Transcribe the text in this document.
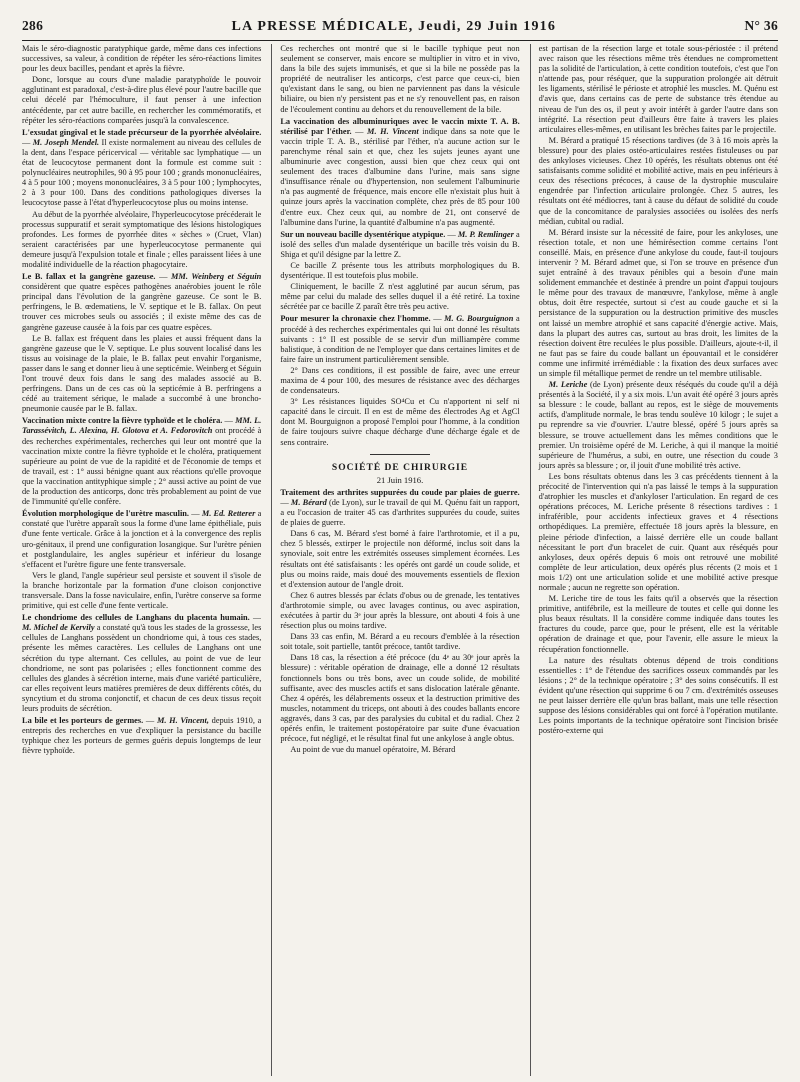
286	LA PRESSE MÉDICALE, Jeudi, 29 Juin 1916	N° 36

Mais le séro-diagnostic paratyphique garde, même dans ces infections successives, sa valeur, à condition de répéter les séro-réactions limites pour les deux bacilles, pendant et après la fièvre.

Donc, lorsque au cours d'une maladie paratyphoïde le pouvoir agglutinant est paradoxal, c'est-à-dire plus élevé pour l'autre bacille que celui décelé par l'hémoculture, il faut penser à une infection antécédente, par cet autre bacille, en rechercher les commémoratifs, et répéter les séro-réactions comparées jusqu'à la convalescence.

L'exsudat gingival et le stade précurseur de la pyorrhée alvéolaire. — M. Joseph Mendel. Il existe normalement au niveau des cellules de la dent, dans l'espace péricervical — véritable sac lymphatique — un état de leucocytose permanent dont la formule est comme suit : polynucléaires neutrophiles, 90 à 95 pour 100 ; grands mononucléaires, 4 à 5 pour 100 ; moyens mononucléaires, 3 à 5 pour 100 ; lymphocytes, 2 à 3 pour 100. Dans des conditions pathologiques diverses la leucocytose passe à l'état d'hyperleucocytose plus ou moins intense.

Au début de la pyorrhée alvéolaire, l'hyperleucocytose précéderait le processus suppuratif et serait symptomatique des lésions histologiques profondes. Les formes de pyorrhée dites « sèches » (Cruet, Vlan) seraient caractérisées par une hyperleucocytose permanente qui demeure jusqu'à l'expulsion totale et finale ; elles paraissent liées à une modalité individuelle de la réaction phagocytaire.

Le B. fallax et la gangrène gazeuse. — MM. Weinberg et Séguin considèrent que quatre espèces pathogènes anaérobies jouent le rôle principal dans l'évolution de la gangrène gazeuse. Ce sont le B. perfringens, le B. œdematiens, le V. septique et le B. fallax. On peut trouver ces microbes seuls ou associés ; il existe même des cas de gangrène gazeuse causée à la fois par ces quatre espèces.

Le B. fallax est fréquent dans les plaies et aussi fréquent dans la gangrène gazeuse que le V. septique. Le plus souvent localisé dans les tissus au voisinage de la plaie, le B. fallax peut envahir l'organisme, passer dans le sang et donner lieu à une septicémie. Weinberg et Séguin l'ont trouvé deux fois dans le sang des malades associé au B. perfringens. Dans un de ces cas où la septicémie à B. perfringens a cédé au traitement sérique, le malade a succombé à une broncho-pneumonie causée par le B. fallax.

Vaccination mixte contre la fièvre typhoïde et le choléra. — MM. L. Tarassévitch, L. Alexina, H. Glotova et A. Fedorovitch ont procédé à des recherches expérimentales, recherches qui leur ont montré que la vaccination mixte contre la fièvre typhoïde et le choléra, pratiquement supérieure au point de vue de la rapidité et de l'économie de temps et de travail, est : 1° aussi bénigne quant aux réactions qu'elle provoque que la vaccination antityphique simple ; 2° aussi active au point de vue de la production des anticorps, donc très probablement au point de vue de l'immunité qu'elle confère.

Évolution morphologique de l'urètre masculin. — M. Ed. Retterer a constaté que l'urètre apparaît sous la forme d'une lame épithéliale, puis d'une fente verticale. Grâce à la jonction et à la convergence des replis uro-génitaux, il prend une configuration losangique. Sur l'urètre pénien et postglandulaire, les angles supérieur et inférieur du losange s'effacent et l'urètre figure une fente transversale.

Vers le gland, l'angle supérieur seul persiste et souvent il s'isole de la branche horizontale par la formation d'une cloison conjonctive transversale. Dans la fosse naviculaire, enfin, l'urètre conserve sa forme primitive, qui est celle d'une fente verticale.

Le chondriome des cellules de Langhans du placenta humain. — M. Michel de Kervily a constaté qu'à tous les stades de la grossesse, les cellules de Langhans possèdent un chondriome qui, à tous ces stades, présente les mêmes caractères. Les cellules de Langhans ont une sécrétion du type alternant. Ces cellules, au point de vue de leur chondriome, ne sont pas polarisées ; elles fonctionnent comme des cellules des glandes à sécrétion interne, mais d'une variété particulière, car elles reçoivent leurs matières premières de deux différents côtés, du syncytium et du stroma conjonctif, et chacun de ces deux tissus reçoit leurs produits de sécrétion.

La bile et les porteurs de germes. — M. H. Vincent, depuis 1910, a entrepris des recherches en vue d'expliquer la persistance du bacille typhique chez les porteurs de germes guéris depuis longtemps de leur fièvre typhoïde.

Ces recherches ont montré que si le bacille typhique peut non seulement se conserver, mais encore se multiplier in vitro et in vivo, dans la bile des sujets immunisés, et que si la bile ne possède pas la propriété de neutraliser les anticorps, c'est parce que ceux-ci, bien qu'existant dans le sang, ou bien ne parviennent pas dans la vésicule biliaire, ou bien n'y persistent pas et ne s'y renouvellent pas, en raison de l'écoulement continu au dehors et du renouvellement de la bile.

La vaccination des albuminuriques avec le vaccin mixte T. A. B. stérilisé par l'éther. — M. H. Vincent indique dans sa note que le vaccin triple T. A. B., stérilisé par l'éther, n'a aucune action sur le parenchyme rénal sain et que, chez les sujets jeunes ayant une albuminurie avec congestion, aussi bien que chez ceux qui ont seulement des traces d'albumine dans l'urine, mais sans signe d'insuffisance rénale ou d'hypertension, non seulement l'albuminurie n'a pas augmenté de fréquence, mais encore elle n'existait plus huit à quinze jours après la vaccination complète, chez près de 85 pour 100 d'entre eux. Chez ceux qui, au nombre de 21, ont conservé de l'albumine dans l'urine, la quantité d'albumine n'a pas augmenté.

Sur un nouveau bacille dysentérique atypique. — M. P. Remlinger a isolé des selles d'un malade dysentérique un bacille très voisin du B. Shiga et qu'il désigne par la lettre Z.

Ce bacille Z présente tous les attributs morphologiques du B. dysentérique. Il est toutefois plus mobile.

Cliniquement, le bacille Z n'est agglutiné par aucun sérum, pas même par celui du malade des selles duquel il a été retiré. La toxine sécrétée par ce bacille Z paraît être très peu active.

Pour mesurer la chronaxie chez l'homme. — M. G. Bourguignon a procédé à des recherches expérimentales qui lui ont donné les résultats suivants : 1° Il est possible de se servir d'un milliampère comme balistique, à condition de ne l'employer que dans certaines limites et de faire faire un instrument particulièrement sensible.

2° Dans ces conditions, il est possible de faire, avec une erreur maxima de 4 pour 100, des mesures de résistance avec des décharges de condensateurs.

3° Les résistances liquides SO⁴Cu et Cu n'apportent ni self ni capacité dans le circuit. Il en est de même des électrodes Ag et AgCl dont M. Bourguignon a proposé l'emploi pour l'homme, à la condition de faire toujours suivre chaque décharge d'une décharge égale et de sens contraire.

SOCIÉTÉ DE CHIRURGIE
21 Juin 1916.

Traitement des arthrites suppurées du coude par plaies de guerre. — M. Bérard (de Lyon), sur le travail de qui M. Quénu fait un rapport, a eu l'occasion de traiter 45 cas d'arthrites suppurées du coude, suites de plaies de guerre.

Dans 6 cas, M. Bérard s'est borné à faire l'arthrotomie, et il a pu, chez 5 blessés, extirper le projectile non déformé, inclus soit dans la synoviale, soit entre les extrémités osseuses simplement écornées. Les résultats ont été satisfaisants : les opérés ont gardé un coude solide, et plus ou moins raide, mais doué des mouvements essentiels de flexion et d'extension autour de l'angle droit.

Chez 6 autres blessés par éclats d'obus ou de grenade, les tentatives d'arthrotomie simple, ou avec lavages continus, ou avec aspiration, exécutées à partir du 3ᵉ jour après la blessure, ont abouti 4 fois à une résection plus ou moins tardive.

Dans 33 cas enfin, M. Bérard a eu recours d'emblée à la résection soit totale, soit partielle, tantôt précoce, tantôt tardive.

Dans 18 cas, la résection a été précoce (du 4ᵉ au 30ᵉ jour après la blessure) : véritable opération de drainage, elle a donné 12 résultats fonctionnels bons ou très bons, avec un coude solide, de mobilité suffisante, avec des muscles actifs et sans dislocation latérale gênante. Chez 4 opérés, les délabrements osseux et la destruction primitive des muscles, notamment du triceps, ont abouti à des coudes ballants encore aggravés, dans 3 cas, par des paralysies du cubital et du radial. Chez 2 opérés enfin, le traitement postopératoire par suite d'une évacuation précoce, fut négligé, et le résultat final fut une ankylose à angle obtus.

Au point de vue du manuel opératoire, M. Bérard

est partisan de la résection large et totale sous-périostée : il prétend avec raison que les résections même très étendues ne compromettent pas la solidité de l'articulation, à cette condition toutefois, c'est que l'on n'attende pas, pour réséquer, que la suppuration prolongée ait détruit les ligaments, stérilisé le périoste et atrophié les muscles. M. Quénu est d'avis que, dans certains cas de perte de substance très étendue au niveau de l'un des os, il peut y avoir intérêt à garder l'autre dans son intégrité. La résection peut d'ailleurs être faite à travers les plaies articulaires elles-mêmes, en utilisant les brèches faites par le projectile.

M. Bérard a pratiqué 15 résections tardives (de 3 à 16 mois après la blessure) pour des plaies ostéo-articulaires restées fistuleuses ou par des ankyloses vicieuses. Chez 10 opérés, les résultats obtenus ont été satisfaisants comme solidité et mobilité active, mais en peu inférieurs à ceux des résections précoces, à cause de la dystrophie musculaire engendrée par l'infection articulaire prolongée. Chez 5 autres, les résultats ont été médiocres, tant à cause du défaut de solidité du coude que de la concomitance de paralysies associées ou isolées des nerfs médian, cubital ou radial.

M. Bérard insiste sur la nécessité de faire, pour les ankyloses, une résection totale, et non une hémirésection comme certains l'ont conseillé. Mais, en présence d'une ankylose du coude, faut-il toujours intervenir ? M. Bérard admet que, si l'on se trouve en présence d'un sujet entraîné à des travaux pénibles qui a besoin d'une main solidement emmanchée et destinée à prendre un point d'appui toujours le même pour des travaux de manœuvre, l'ankylose, même à angle obtus, doit être respectée, surtout si c'est au coude gauche et si la persistance de la suppuration ou la destruction primitive des muscles ont laissé un membre atrophié et sans capacité d'énergie active. Mais, dans la plupart des autres cas, surtout au bras droit, les limites de la résection doivent être reculées le plus possible. D'ailleurs, ajoute-t-il, il ne faut pas se faire du coude ballant un épouvantail et le considérer comme une infirmité irrémédiable : la fixation des deux surfaces avec un simple fil métallique permet de rendre un tel membre utilisable.

M. Leriche (de Lyon) présente deux réséqués du coude qu'il a déjà présentés à la Société, il y a six mois. L'un avait été opéré 3 jours après sa blessure : le coude, ballant au repos, est le siège de mouvements actifs, d'amplitude normale, le bras tendu soulève 10 kilogr ; le sujet a pu reprendre sa vie d'ouvrier. L'autre blessé, opéré 5 jours après sa blessure, se trouve actuellement dans les mêmes conditions que le premier. Un troisième opéré de M. Leriche, à qui il manque la moitié supérieure de l'humérus, a subi, en outre, une résection du coude 3 jours après sa blessure ; or, il jouit d'une mobilité très active.

Les bons résultats obtenus dans les 3 cas précédents tiennent à la précocité de l'intervention qui n'a pas laissé le temps à la suppuration d'atrophier les muscles et d'ankyloser l'articulation. En regard de ces opérations précoces, M. Leriche présente 8 résections tardives : 1 infraférible, pour accidents infectieux graves et 4 résections orthopédiques. La première, effectuée 18 jours après la blessure, en pleine période d'infection, a laissé derrière elle un coude ballant nécessitant le port d'un bracelet de cuir. Quant aux réséqués pour ankyloses, deux opérés depuis 6 mois ont retrouvé une mobilité complète de leur articulation, deux opérés plus récents (2 mois et 1 mois 1/2) ont une articulation solide et une mobilité active presque normale ; aucun ne regrette son opération.

M. Leriche tire de tous les faits qu'il a observés que la résection primitive, antifébrile, est la meilleure de toutes et celle qui donne les plus beaux résultats. Il la considère comme indiquée dans toutes les fractures du coude, parce que, pour le présent, elle est la véritable opération de drainage et que, pour l'avenir, elle assure le mieux la récupération fonctionnelle.

La nature des résultats obtenus dépend de trois conditions essentielles : 1° de l'étendue des sacrifices osseux commandés par les lésions ; 2° de la technique opératoire ; 3° des soins consécutifs. Il est évident qu'une résection qui supprime 6 ou 7 cm. d'extrémités osseuses ne peut laisser derrière elle qu'un bras ballant, mais une telle résection suppose des lésions considérables qui ont forcé à l'opération mutilante. Les points importants de la technique opératoire sont l'incision brisée postéro-externe qui
